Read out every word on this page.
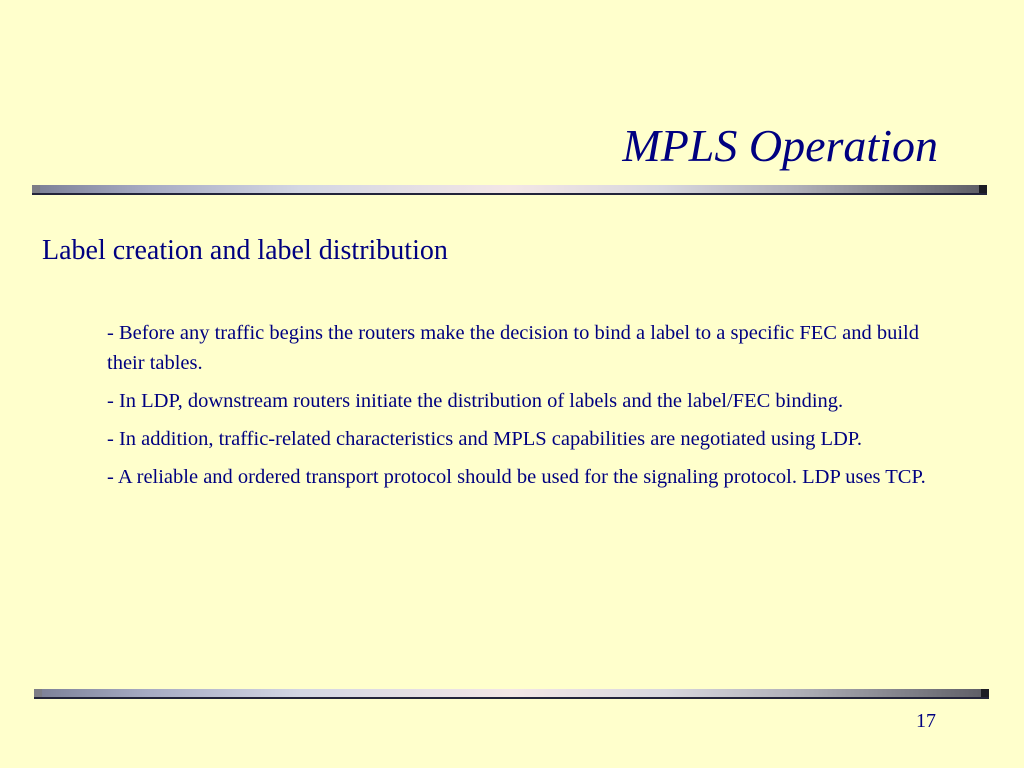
MPLS Operation
Label creation and label distribution
- Before any traffic begins the routers make the decision to bind a label to a specific FEC and build their tables.
- In LDP, downstream routers initiate the distribution of labels and the label/FEC binding.
- In addition, traffic-related characteristics and MPLS capabilities are negotiated using LDP.
- A reliable and ordered transport protocol should be used for the signaling protocol. LDP uses TCP.
17
